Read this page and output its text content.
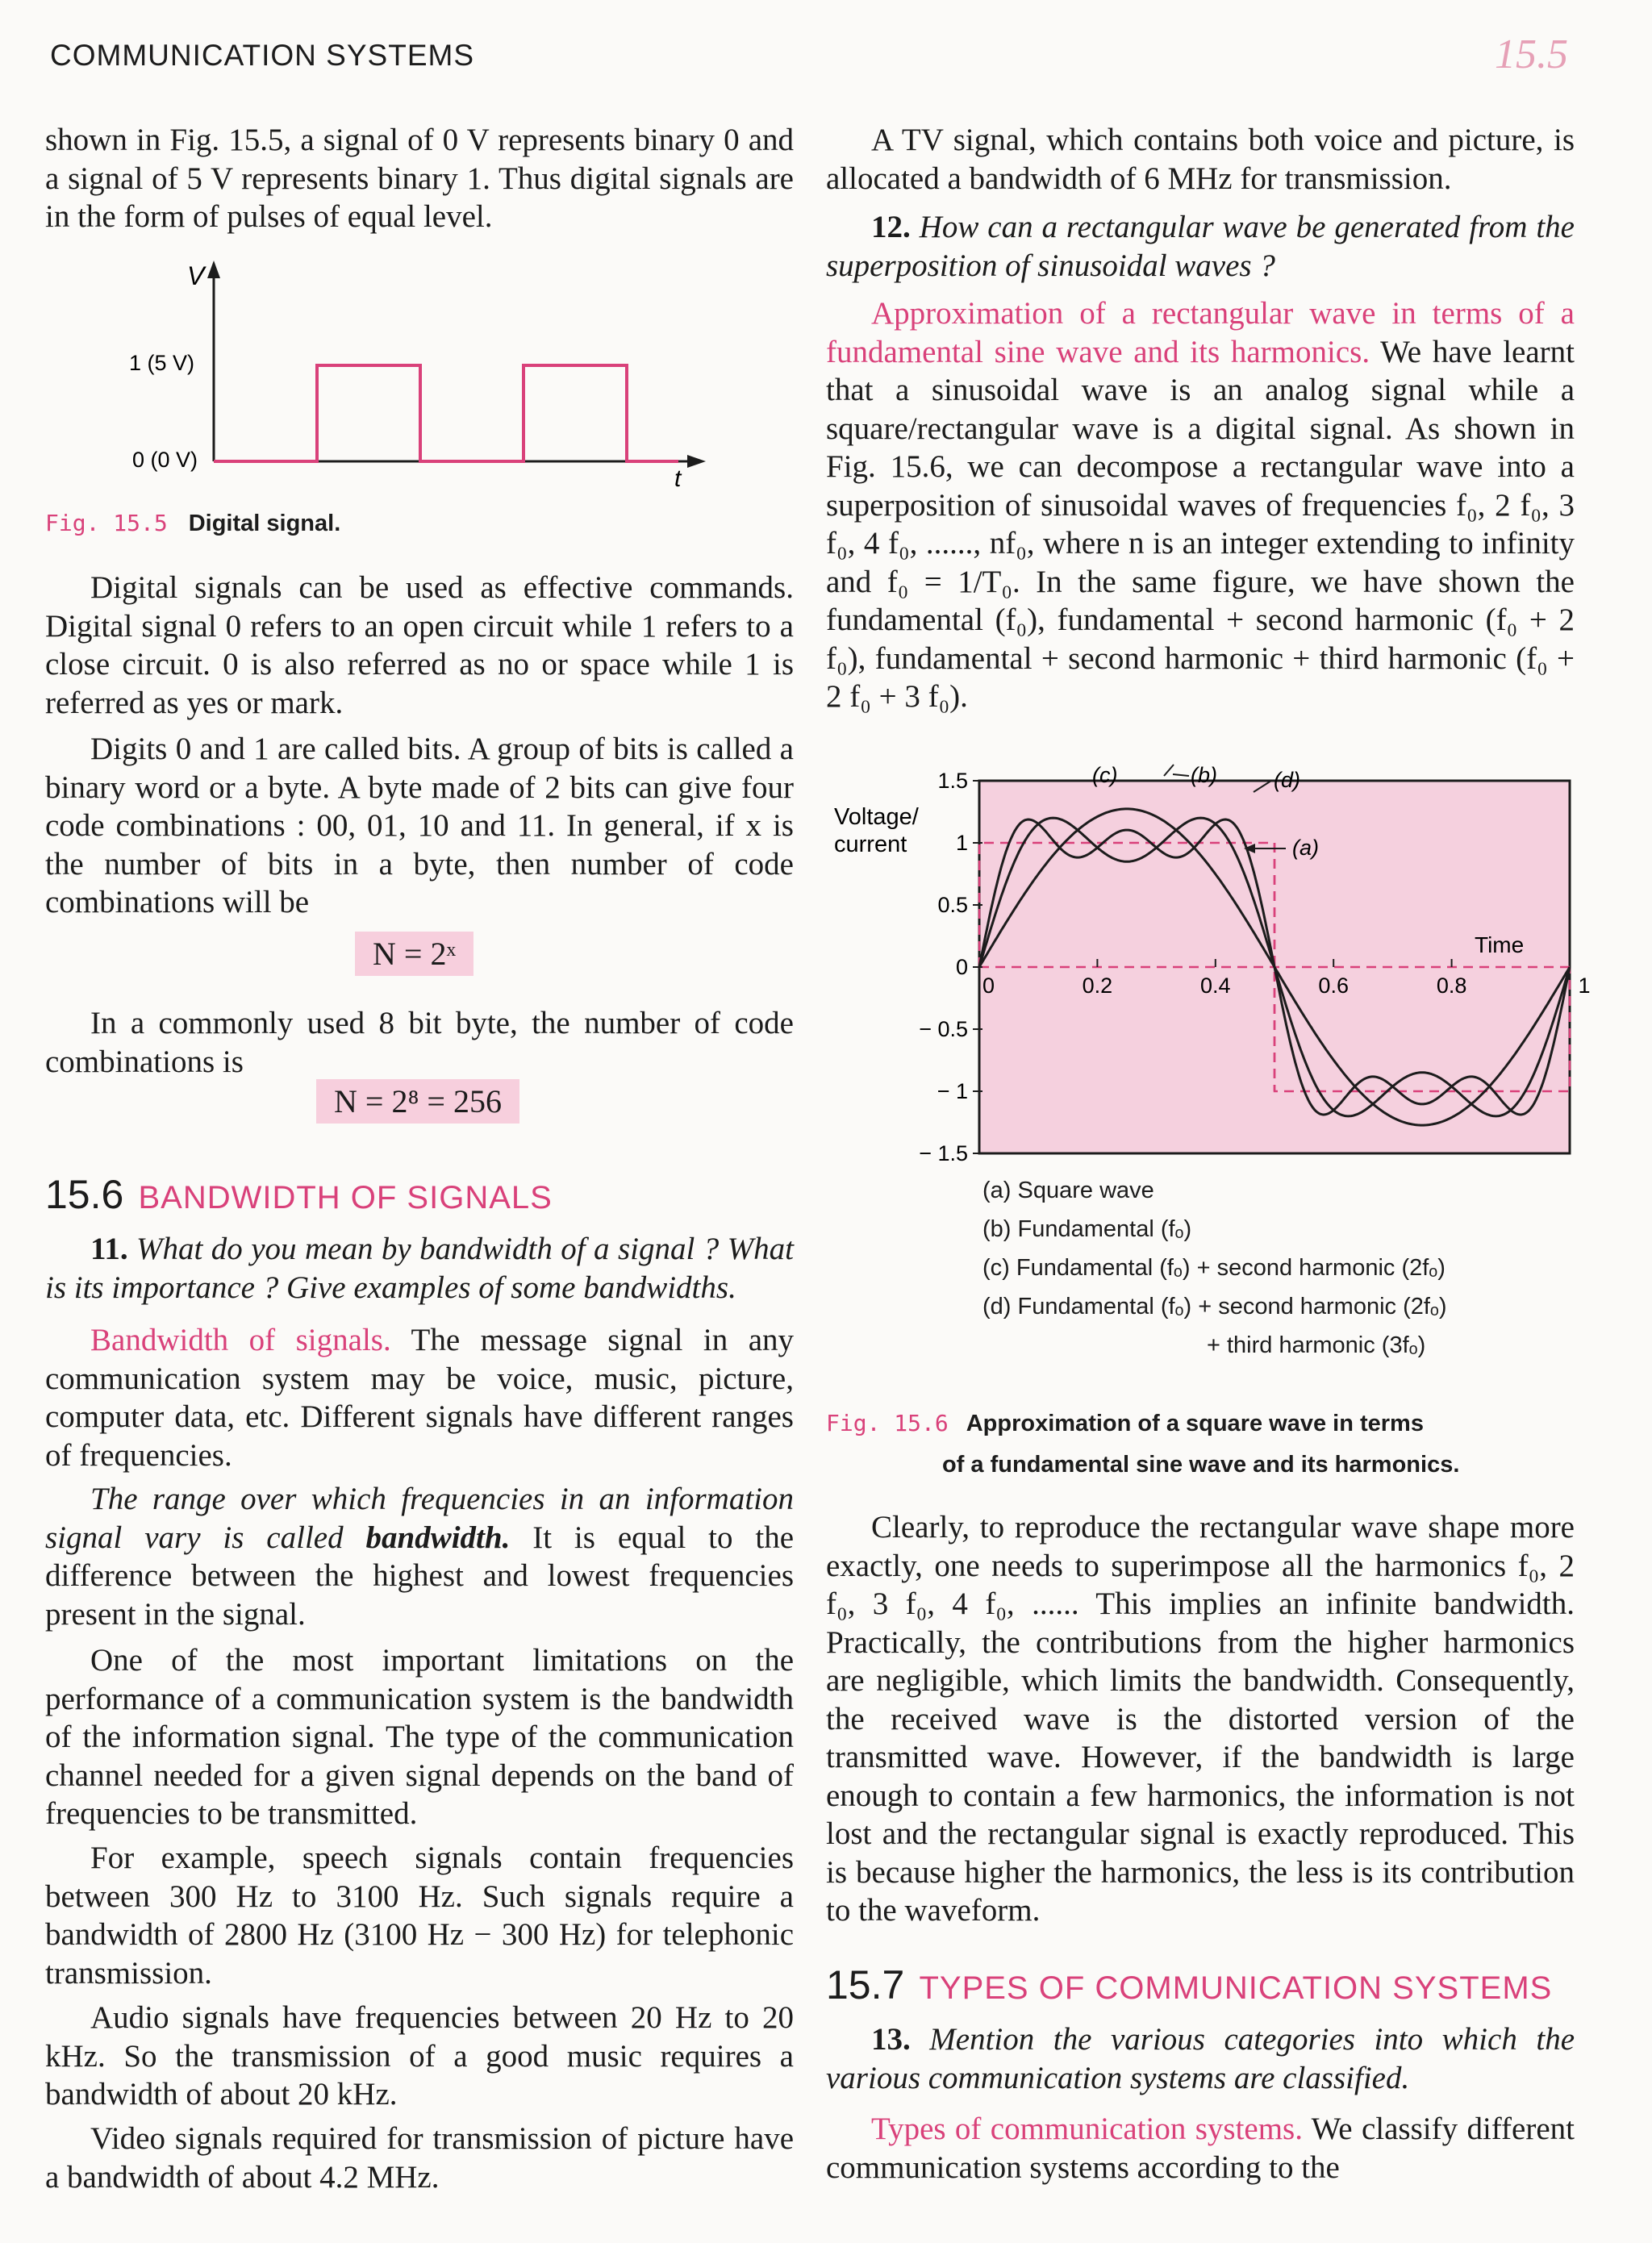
COMMUNICATION SYSTEMS	15.5

shown in Fig. 15.5, a signal of 0 V represents binary 0 and a signal of 5 V represents binary 1. Thus digital signals are in the form of pulses of equal level.

V
t
1 (5 V)
0 (0 V)
Fig. 15.5 Digital signal.

Digital signals can be used as effective commands. Digital signal 0 refers to an open circuit while 1 refers to a close circuit. 0 is also referred as no or space while 1 is referred as yes or mark.

Digits 0 and 1 are called bits. A group of bits is called a binary word or a byte. A byte made of 2 bits can give four code combinations : 00, 01, 10 and 11. In general, if x is the number of bits in a byte, then number of code combinations will be

N = 2ˣ

In a commonly used 8 bit byte, the number of code combinations is

N = 2⁸ = 256
15.6 BANDWIDTH OF SIGNALS

11. What do you mean by bandwidth of a signal ? What is its importance ? Give examples of some bandwidths.

Bandwidth of signals. The message signal in any communication system may be voice, music, picture, computer data, etc. Different signals have different ranges of frequencies.

The range over which frequencies in an information signal vary is called bandwidth. It is equal to the difference between the highest and lowest frequencies present in the signal.

One of the most important limitations on the performance of a communication system is the bandwidth of the information signal. The type of the communication channel needed for a given signal depends on the band of frequencies to be transmitted.

For example, speech signals contain frequencies between 300 Hz to 3100 Hz. Such signals require a bandwidth of 2800 Hz (3100 Hz − 300 Hz) for telephonic transmission.

Audio signals have frequencies between 20 Hz to 20 kHz. So the transmission of a good music requires a bandwidth of about 20 kHz.

Video signals required for transmission of picture have a bandwidth of about 4.2 MHz.

A TV signal, which contains both voice and picture, is allocated a bandwidth of 6 MHz for transmission.

12. How can a rectangular wave be generated from the superposition of sinusoidal waves ?

Approximation of a rectangular wave in terms of a fundamental sine wave and its harmonics. We have learnt that a sinusoidal wave is an analog signal while a square/rectangular wave is a digital signal. As shown in Fig. 15.6, we can decompose a rectangular wave into a superposition of sinusoidal waves of frequencies f₀, 2 f₀, 3 f₀, 4 f₀, ......, nf₀, where n is an integer extending to infinity and f₀ = 1/T₀. In the same figure, we have shown the fundamental (f₀), fundamental + second harmonic (f₀ + 2 f₀), fundamental + second harmonic + third harmonic (f₀ + 2 f₀ + 3 f₀).

− 1.5
− 1
− 0.5
0
0.5
1
1.5
0	0.2	0.4	0.6	0.8	1
(c)	(b)	(d)
(a)
Voltage/ current
Time
(a) Square wave
(b) Fundamental (fₒ)
(c) Fundamental (fₒ) + second harmonic (2fₒ)
(d) Fundamental (fₒ) + second harmonic (2fₒ)
+ third harmonic (3fₒ)
Fig. 15.6 Approximation of a square wave in terms
of a fundamental sine wave and its harmonics.

Clearly, to reproduce the rectangular wave shape more exactly, one needs to superimpose all the harmonics f₀, 2 f₀, 3 f₀, 4 f₀, ...... This implies an infinite bandwidth. Practically, the contributions from the higher harmonics are negligible, which limits the bandwidth. Consequently, the received wave is the distorted version of the transmitted wave. However, if the bandwidth is large enough to contain a few harmonics, the information is not lost and the rectangular signal is exactly reproduced. This is because higher the harmonics, the less is its contribution to the waveform.

15.7 TYPES OF COMMUNICATION SYSTEMS

13. Mention the various categories into which the various communication systems are classified.

Types of communication systems. We classify different communication systems according to the
